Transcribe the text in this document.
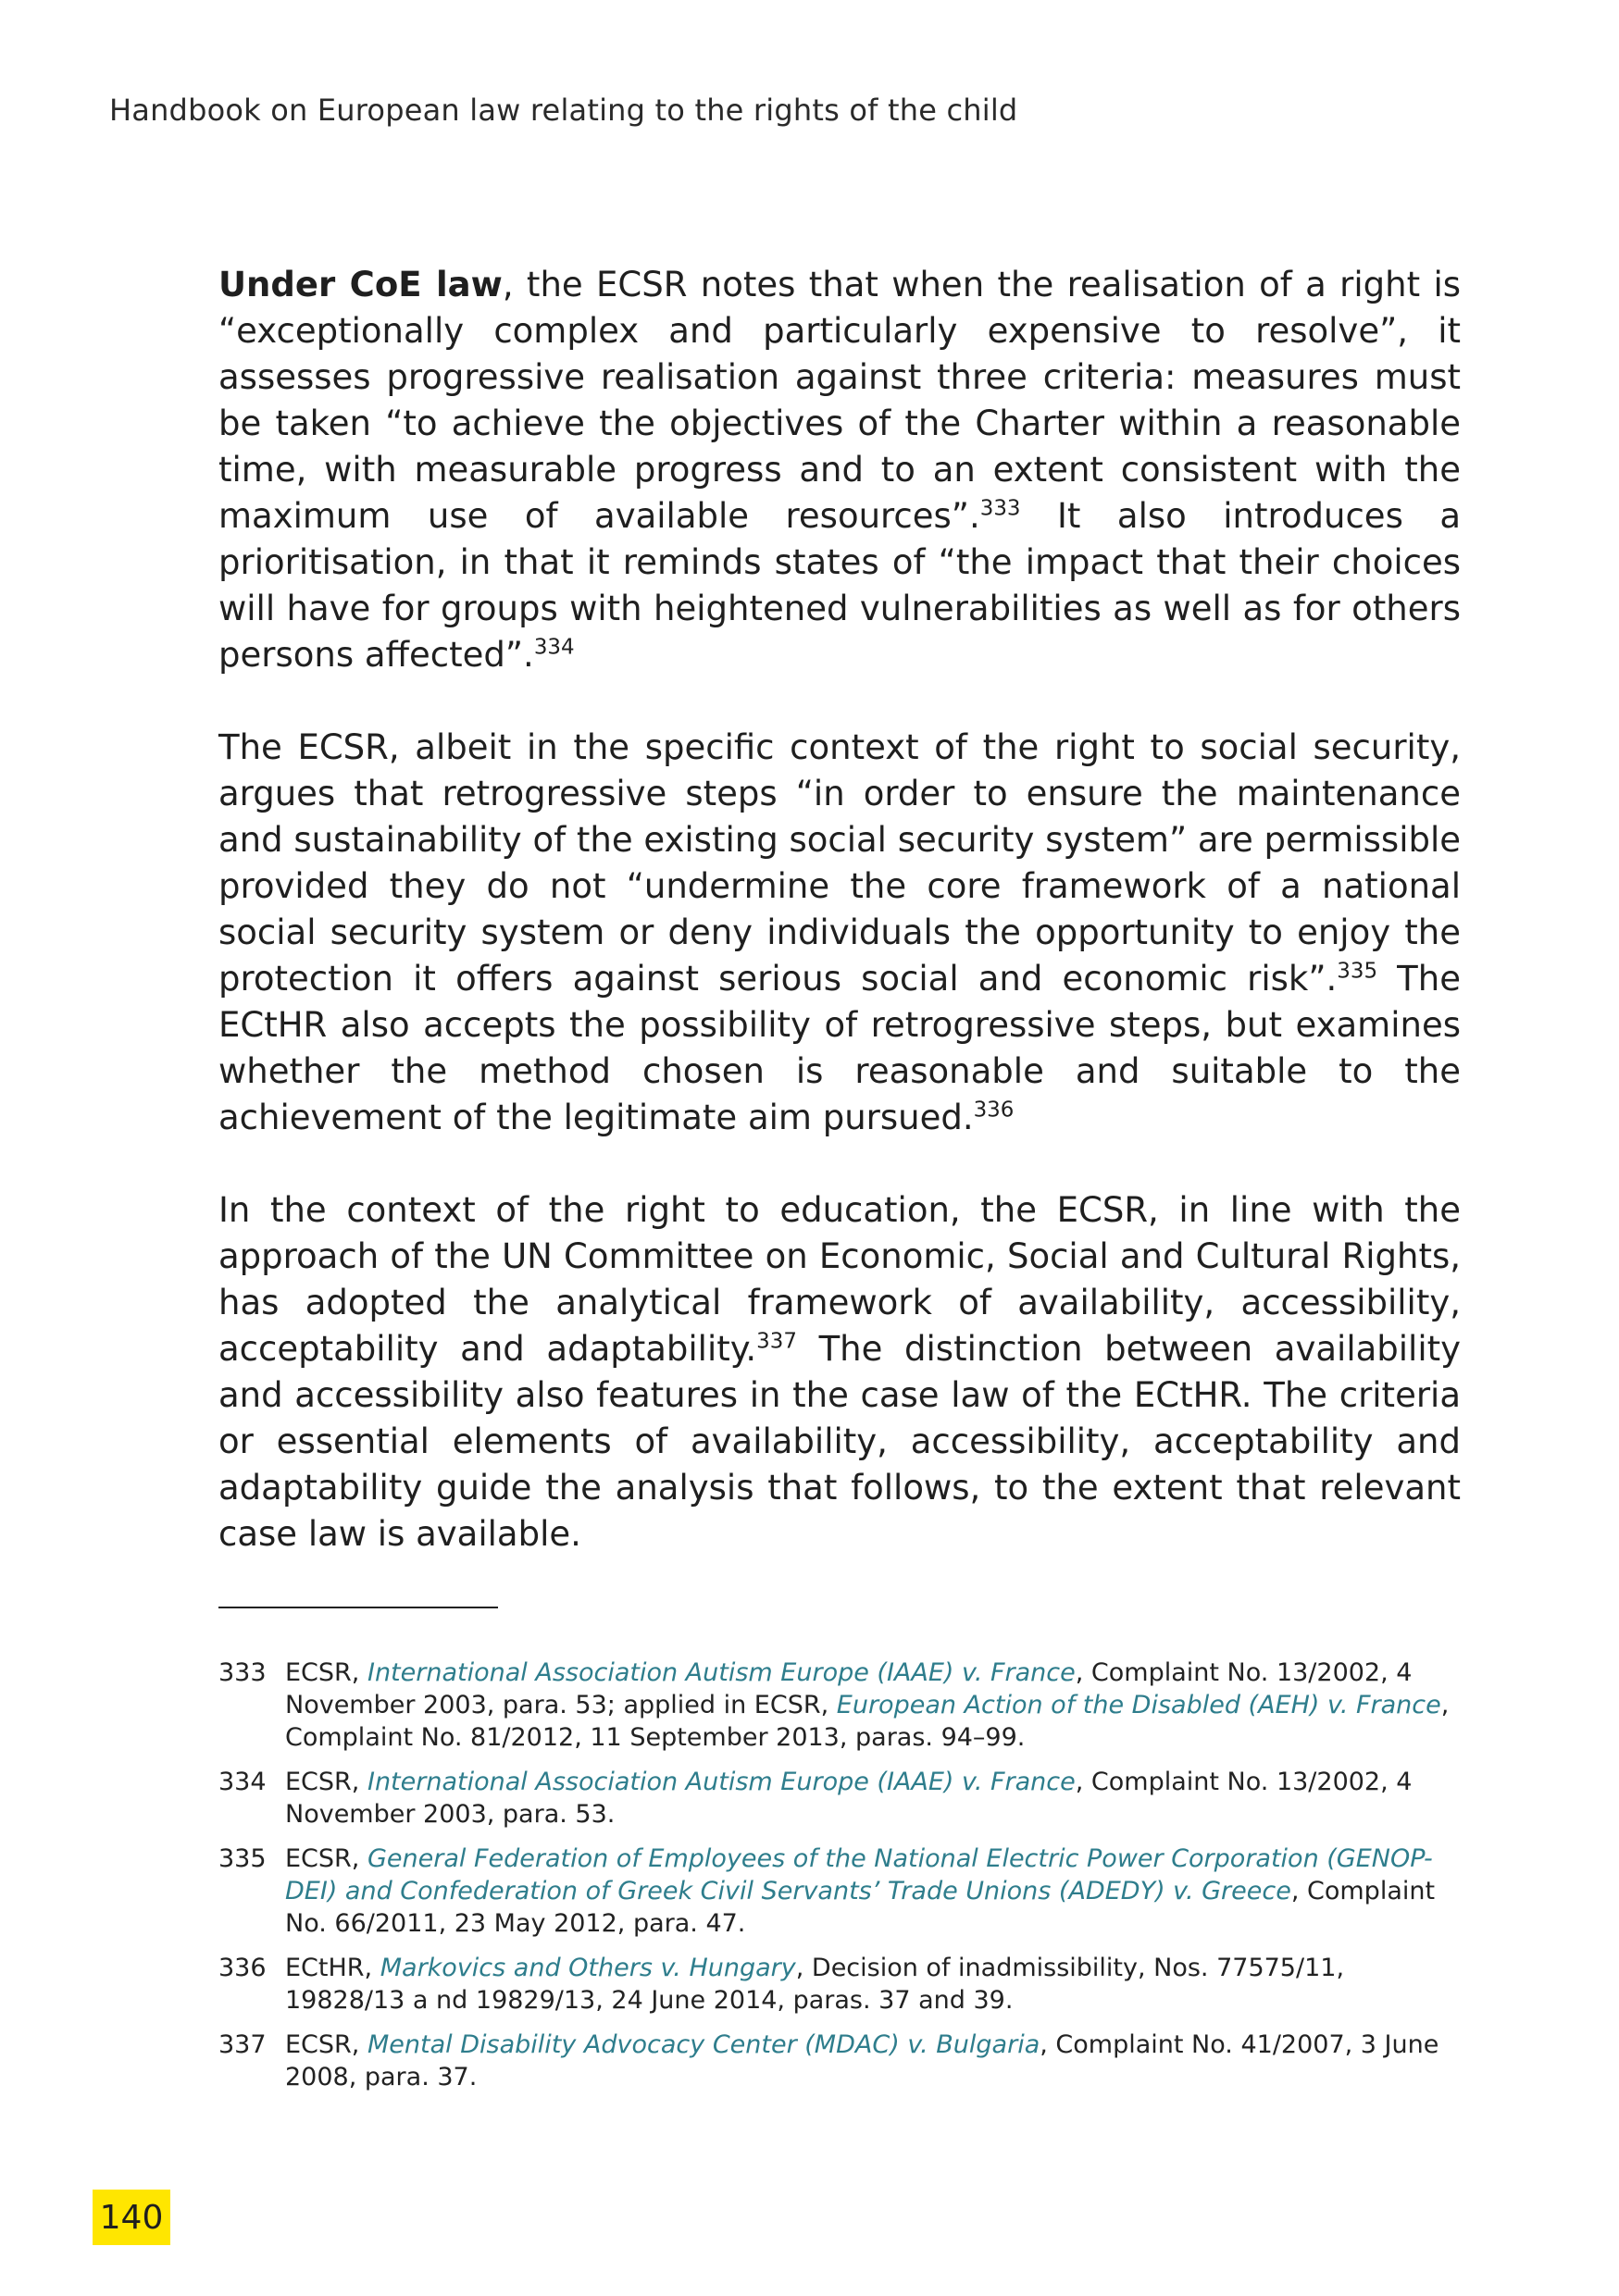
Handbook on European law relating to the rights of the child

Under CoE law, the ECSR notes that when the realisation of a right is “exceptionally complex and particularly expensive to resolve”, it assesses progressive realisation against three criteria: measures must be taken “to achieve the objectives of the Charter within a reasonable time, with measurable progress and to an extent consistent with the maximum use of available resources”.$^{333}$ It also introduces a prioritisation, in that it reminds states of “the impact that their choices will have for groups with heightened vulnerabilities as well as for others persons affected”.$^{334}$

The ECSR, albeit in the specific context of the right to social security, argues that retrogressive steps “in order to ensure the maintenance and sustainability of the existing social security system” are permissible provided they do not “undermine the core framework of a national social security system or deny individuals the opportunity to enjoy the protection it offers against serious social and economic risk”.$^{335}$ The ECtHR also accepts the possibility of retrogressive steps, but examines whether the method chosen is reasonable and suitable to the achievement of the legitimate aim pursued.$^{336}$

In the context of the right to education, the ECSR, in line with the approach of the UN Committee on Economic, Social and Cultural Rights, has adopted the analytical framework of availability, accessibility, acceptability and adaptability.$^{337}$ The distinction between availability and accessibility also features in the case law of the ECtHR. The criteria or essential elements of availability, accessibility, acceptability and adaptability guide the analysis that follows, to the extent that relevant case law is available.

333 ECSR, International Association Autism Europe (IAAE) v. France, Complaint No. 13/2002, 4 November 2003, para. 53; applied in ECSR, European Action of the Disabled (AEH) v. France, Complaint No. 81/2012, 11 September 2013, paras. 94–99.
334 ECSR, International Association Autism Europe (IAAE) v. France, Complaint No. 13/2002, 4 November 2003, para. 53.
335 ECSR, General Federation of Employees of the National Electric Power Corporation (GENOP-DEI) and Confederation of Greek Civil Servants’ Trade Unions (ADEDY) v. Greece, Complaint No. 66/2011, 23 May 2012, para. 47.
336 ECtHR, Markovics and Others v. Hungary, Decision of inadmissibility, Nos. 77575/11, 19828/13 a nd 19829/13, 24 June 2014, paras. 37 and 39.
337 ECSR, Mental Disability Advocacy Center (MDAC) v. Bulgaria, Complaint No. 41/2007, 3 June 2008, para. 37.
140
